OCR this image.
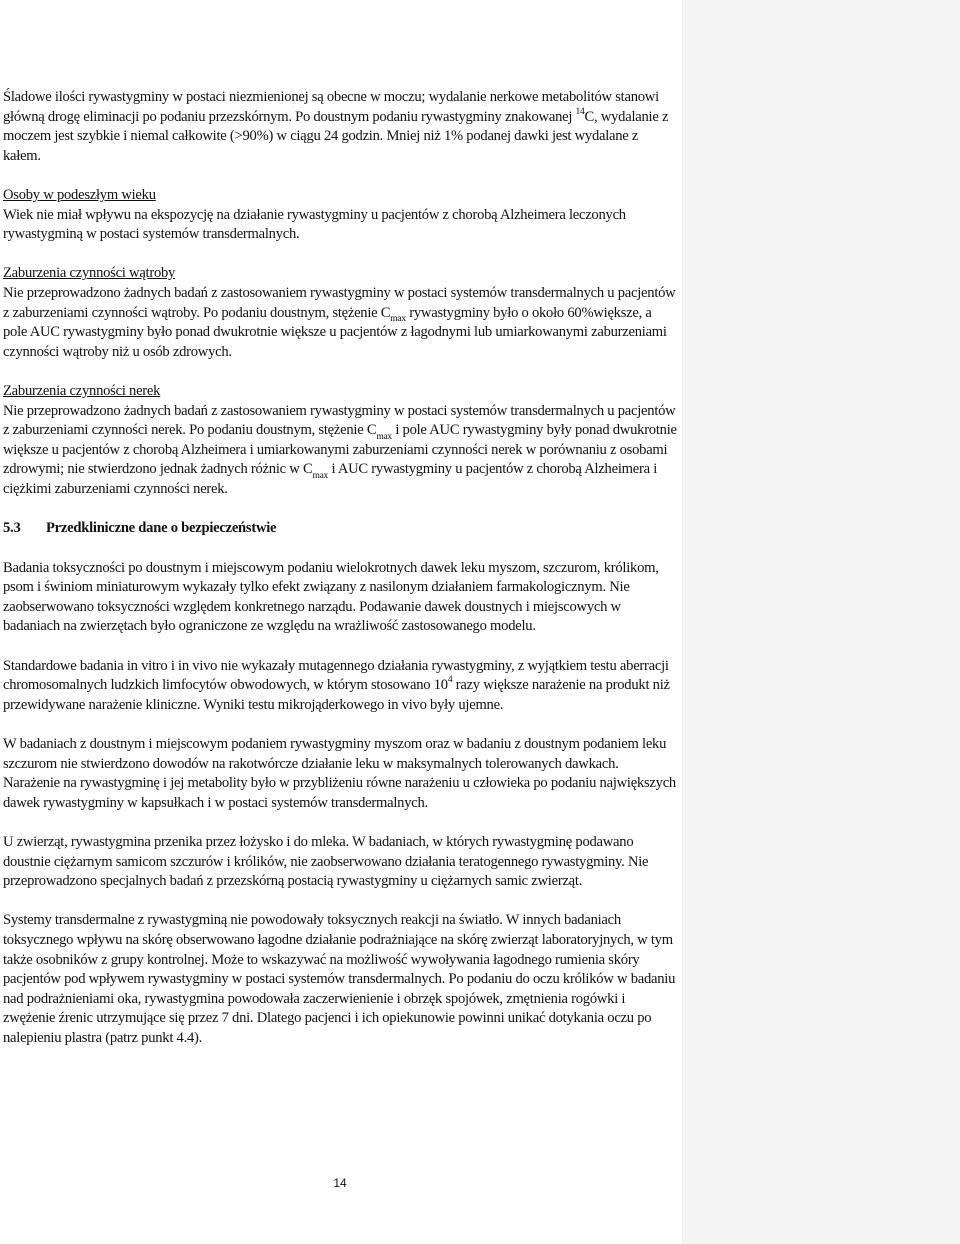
Śladowe ilości rywastygminy w postaci niezmienionej są obecne w moczu; wydalanie nerkowe metabolitów stanowi główną drogę eliminacji po podaniu przezskórnym. Po doustnym podaniu rywastygminy znakowanej $^{14}$C, wydalanie z moczem jest szybkie i niemal całkowite (>90%) w ciągu 24 godzin. Mniej niż 1% podanej dawki jest wydalane z kałem.

Osoby w podeszłym wieku
Wiek nie miał wpływu na ekspozycję na działanie rywastygminy u pacjentów z chorobą Alzheimera leczonych rywastygminą w postaci systemów transdermalnych.

Zaburzenia czynności wątroby
Nie przeprowadzono żadnych badań z zastosowaniem rywastygminy w postaci systemów transdermalnych u pacjentów z zaburzeniami czynności wątroby. Po podaniu doustnym, stężenie $C_{max}$ rywastygminy było o około 60%większe, a pole AUC rywastygminy było ponad dwukrotnie większe u pacjentów z łagodnymi lub umiarkowanymi zaburzeniami czynności wątroby niż u osób zdrowych.

Zaburzenia czynności nerek
Nie przeprowadzono żadnych badań z zastosowaniem rywastygminy w postaci systemów transdermalnych u pacjentów z zaburzeniami czynności nerek. Po podaniu doustnym, stężenie $C_{max}$ i pole AUC rywastygminy były ponad dwukrotnie większe u pacjentów z chorobą Alzheimera i umiarkowanymi zaburzeniami czynności nerek w porównaniu z osobami zdrowymi; nie stwierdzono jednak żadnych różnic w $C_{max}$ i AUC rywastygminy u pacjentów z chorobą Alzheimera i ciężkimi zaburzeniami czynności nerek.

5.3 Przedkliniczne dane o bezpieczeństwie

Badania toksyczności po doustnym i miejscowym podaniu wielokrotnych dawek leku myszom, szczurom, królikom, psom i świniom miniaturowym wykazały tylko efekt związany z nasilonym działaniem farmakologicznym. Nie zaobserwowano toksyczności względem konkretnego narządu. Podawanie dawek doustnych i miejscowych w badaniach na zwierzętach było ograniczone ze względu na wrażliwość zastosowanego modelu.

Standardowe badania in vitro i in vivo nie wykazały mutagennego działania rywastygminy, z wyjątkiem testu aberracji chromosomalnych ludzkich limfocytów obwodowych, w którym stosowano $10^4$ razy większe narażenie na produkt niż przewidywane narażenie kliniczne. Wyniki testu mikrojąderkowego in vivo były ujemne.

W badaniach z doustnym i miejscowym podaniem rywastygminy myszom oraz w badaniu z doustnym podaniem leku szczurom nie stwierdzono dowodów na rakotwórcze działanie leku w maksymalnych tolerowanych dawkach. Narażenie na rywastygminę i jej metabolity było w przybliżeniu równe narażeniu u człowieka po podaniu największych dawek rywastygminy w kapsułkach i w postaci systemów transdermalnych.

U zwierząt, rywastygmina przenika przez łożysko i do mleka. W badaniach, w których rywastygminę podawano doustnie ciężarnym samicom szczurów i królików, nie zaobserwowano działania teratogennego rywastygminy. Nie przeprowadzono specjalnych badań z przezskórną postacią rywastygminy u ciężarnych samic zwierząt.

Systemy transdermalne z rywastygminą nie powodowały toksycznych reakcji na światło. W innych badaniach toksycznego wpływu na skórę obserwowano łagodne działanie podrażniające na skórę zwierząt laboratoryjnych, w tym także osobników z grupy kontrolnej. Może to wskazywać na możliwość wywoływania łagodnego rumienia skóry pacjentów pod wpływem rywastygminy w postaci systemów transdermalnych. Po podaniu do oczu królików w badaniu nad podrażnieniami oka, rywastygmina powodowała zaczerwienienie i obrzęk spojówek, zmętnienia rogówki i zwężenie źrenic utrzymujące się przez 7 dni. Dlatego pacjenci i ich opiekunowie powinni unikać dotykania oczu po nalepieniu plastra (patrz punkt 4.4).

14
